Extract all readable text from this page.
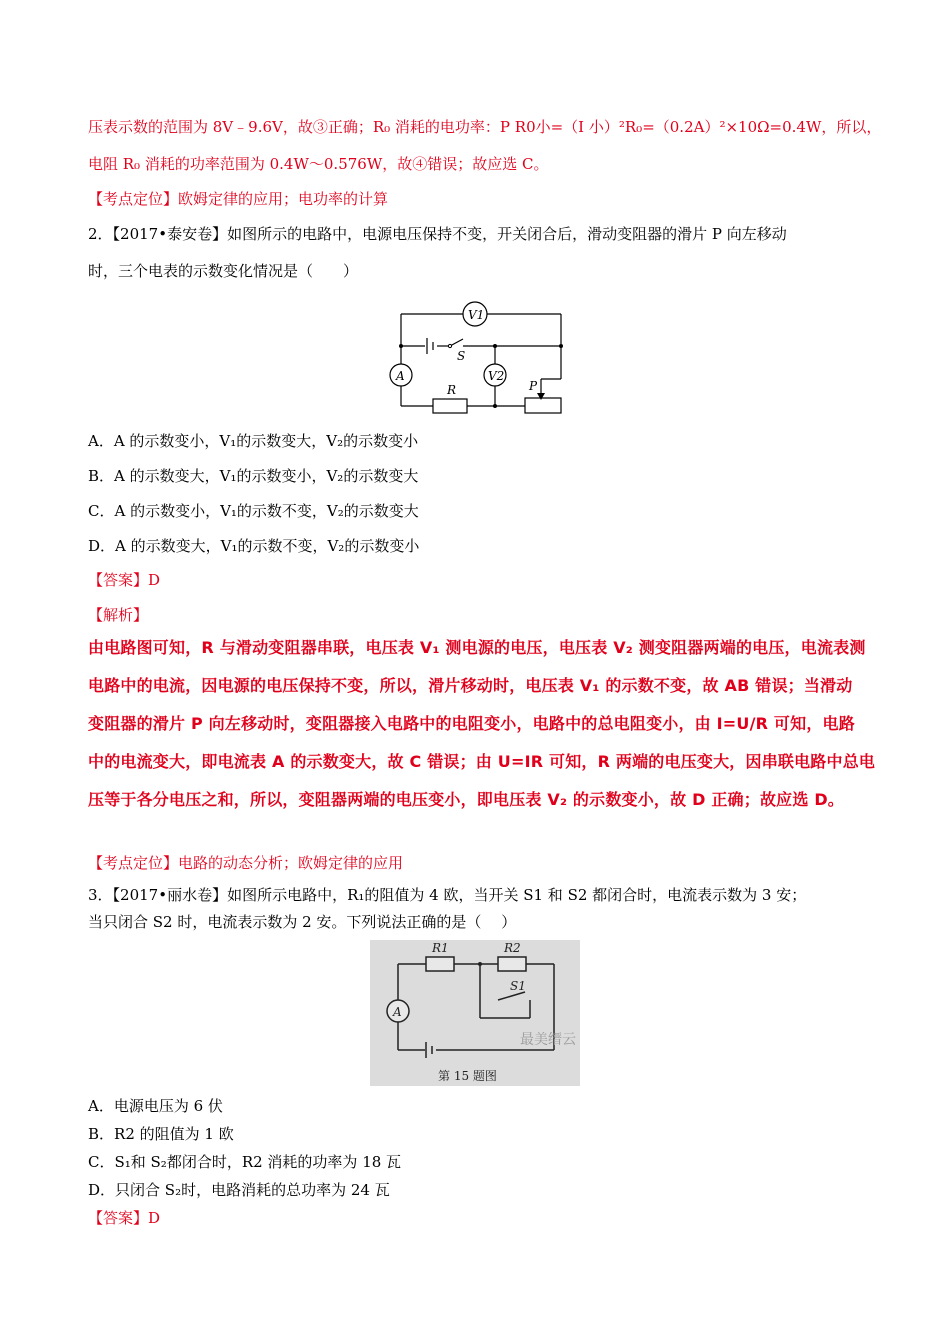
压表示数的范围为 8V﹣9.6V，故③正确；R₀ 消耗的电功率：P R0小=（I 小）²R₀=（0.2A）²×10Ω=0.4W，所以，
电阻 R₀ 消耗的功率范围为 0.4W～0.576W，故④错误；故应选 C。
【考点定位】欧姆定律的应用；电功率的计算
2．【2017•泰安卷】如图所示的电路中，电源电压保持不变，开关闭合后，滑动变阻器的滑片 P 向左移动
时，三个电表的示数变化情况是（　　）
V1
A	V2
S
R	P
A．A 的示数变小，V₁的示数变大，V₂的示数变小
B．A 的示数变大，V₁的示数变小，V₂的示数变大
C．A 的示数变小，V₁的示数不变，V₂的示数变大
D．A 的示数变大，V₁的示数不变，V₂的示数变小
【答案】D
【解析】
由电路图可知，R 与滑动变阻器串联，电压表 V₁ 测电源的电压，电压表 V₂ 测变阻器两端的电压，电流表测
电路中的电流，因电源的电压保持不变，所以，滑片移动时，电压表 V₁ 的示数不变，故 AB 错误；当滑动
变阻器的滑片 P 向左移动时，变阻器接入电路中的电阻变小，电路中的总电阻变小，由 I=U/R 可知，电路
中的电流变大，即电流表 A 的示数变大，故 C 错误；由 U=IR 可知，R 两端的电压变大，因串联电路中总电
压等于各分电压之和，所以，变阻器两端的电压变小，即电压表 V₂ 的示数变小，故 D 正确；故应选 D。
【考点定位】电路的动态分析；欧姆定律的应用
3．【2017•丽水卷】如图所示电路中，R₁的阻值为 4 欧，当开关 S1 和 S2 都闭合时，电流表示数为 3 安；
当只闭合 S2 时，电流表示数为 2 安。下列说法正确的是（　 ）
R1	R2
S1
A
最美缙云
第 15 题图
A．电源电压为 6 伏
B．R2 的阻值为 1 欧
C．S₁和 S₂都闭合时，R2 消耗的功率为 18 瓦
D．只闭合 S₂时，电路消耗的总功率为 24 瓦
【答案】D
